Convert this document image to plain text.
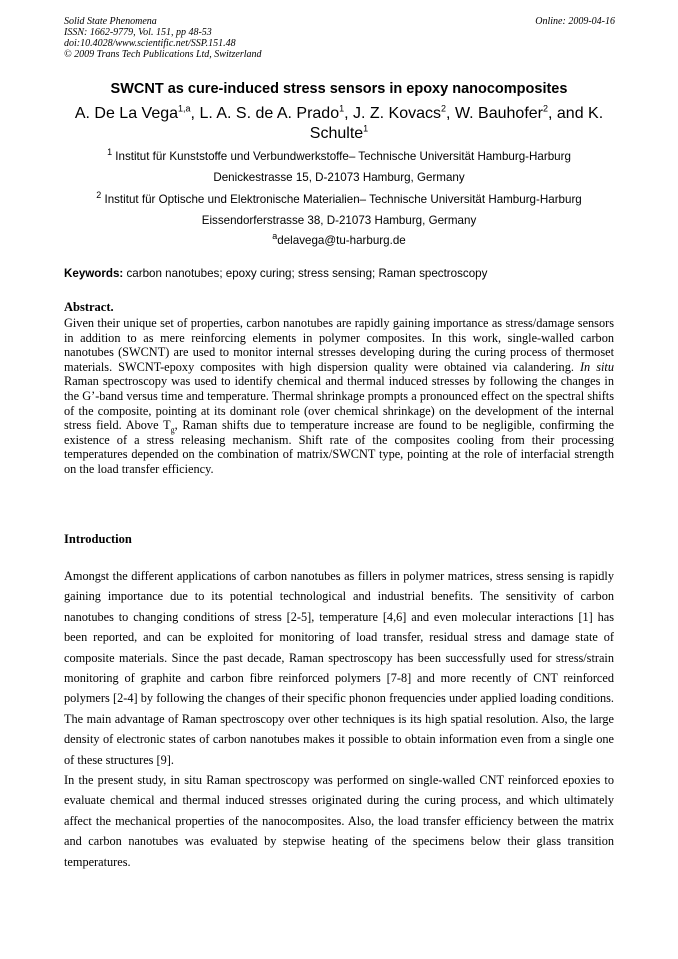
Solid State Phenomena
ISSN: 1662-9779, Vol. 151, pp 48-53
doi:10.4028/www.scientific.net/SSP.151.48
© 2009 Trans Tech Publications Ltd, Switzerland
Online: 2009-04-16
SWCNT as cure-induced stress sensors in epoxy nanocomposites
A. De La Vega$^{1,a}$, L. A. S. de A. Prado$^1$, J. Z. Kovacs$^2$, W. Bauhofer$^2$, and K. Schulte$^1$
$^1$ Institut für Kunststoffe und Verbundwerkstoffe– Technische Universität Hamburg-Harburg
Denickestrasse 15, D-21073 Hamburg, Germany
$^2$ Institut für Optische und Elektronische Materialien– Technische Universität Hamburg-Harburg
Eissendorferstrasse 38, D-21073 Hamburg, Germany
$^a$delavega@tu-harburg.de
Keywords: carbon nanotubes; epoxy curing; stress sensing; Raman spectroscopy
Abstract.
Given their unique set of properties, carbon nanotubes are rapidly gaining importance as stress/damage sensors in addition to as mere reinforcing elements in polymer composites. In this work, single-walled carbon nanotubes (SWCNT) are used to monitor internal stresses developing during the curing process of thermoset materials. SWCNT-epoxy composites with high dispersion quality were obtained via calandering. In situ Raman spectroscopy was used to identify chemical and thermal induced stresses by following the changes in the G’-band versus time and temperature. Thermal shrinkage prompts a pronounced effect on the spectral shifts of the composite, pointing at its dominant role (over chemical shrinkage) on the development of the internal stress field. Above $T_g$, Raman shifts due to temperature increase are found to be negligible, confirming the existence of a stress releasing mechanism. Shift rate of the composites cooling from their processing temperatures depended on the combination of matrix/SWCNT type, pointing at the role of interfacial strength on the load transfer efficiency.
Introduction

Amongst the different applications of carbon nanotubes as fillers in polymer matrices, stress sensing is rapidly gaining importance due to its potential technological and industrial benefits. The sensitivity of carbon nanotubes to changing conditions of stress [2-5], temperature [4,6] and even molecular interactions [1] has been reported, and can be exploited for monitoring of load transfer, residual stress and damage state of composite materials. Since the past decade, Raman spectroscopy has been successfully used for stress/strain monitoring of graphite and carbon fibre reinforced polymers [7-8] and more recently of CNT reinforced polymers [2-4] by following the changes of their specific phonon frequencies under applied loading conditions. The main advantage of Raman spectroscopy over other techniques is its high spatial resolution. Also, the large density of electronic states of carbon nanotubes makes it possible to obtain information even from a single one of these structures [9].

In the present study, in situ Raman spectroscopy was performed on single-walled CNT reinforced epoxies to evaluate chemical and thermal induced stresses originated during the curing process, and which ultimately affect the mechanical properties of the nanocomposites. Also, the load transfer efficiency between the matrix and carbon nanotubes was evaluated by stepwise heating of the specimens below their glass transition temperatures.
